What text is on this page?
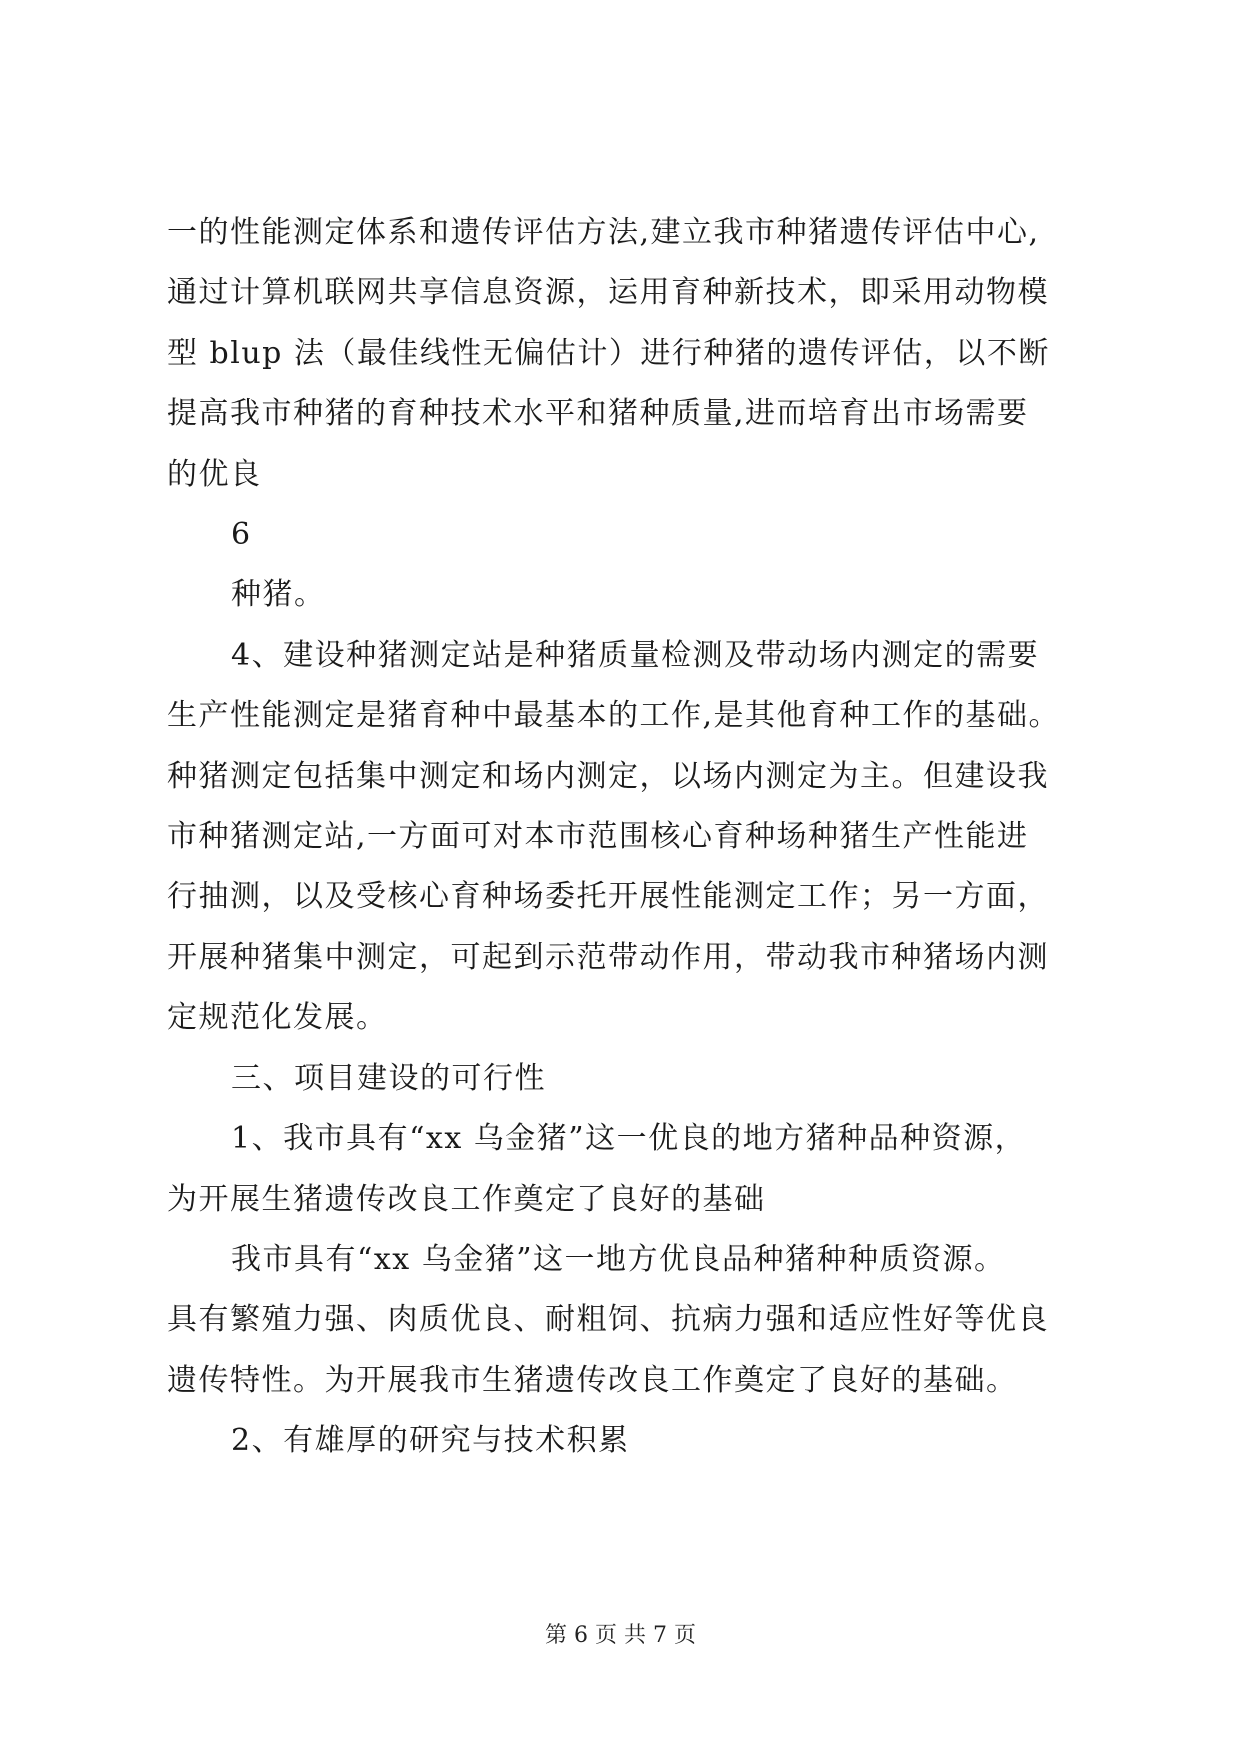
一的性能测定体系和遗传评估方法,建立我市种猪遗传评估中心,
通过计算机联网共享信息资源，运用育种新技术，即采用动物模
型 blup 法（最佳线性无偏估计）进行种猪的遗传评估，以不断
提高我市种猪的育种技术水平和猪种质量,进而培育出市场需要
的优良
6
种猪。
4、建设种猪测定站是种猪质量检测及带动场内测定的需要
生产性能测定是猪育种中最基本的工作,是其他育种工作的基础。
种猪测定包括集中测定和场内测定，以场内测定为主。但建设我
市种猪测定站,一方面可对本市范围核心育种场种猪生产性能进
行抽测，以及受核心育种场委托开展性能测定工作；另一方面，
开展种猪集中测定，可起到示范带动作用，带动我市种猪场内测
定规范化发展。
三、项目建设的可行性
1、我市具有“xx 乌金猪”这一优良的地方猪种品种资源，
为开展生猪遗传改良工作奠定了良好的基础
我市具有“xx 乌金猪”这一地方优良品种猪种种质资源。
具有繁殖力强、肉质优良、耐粗饲、抗病力强和适应性好等优良
遗传特性。为开展我市生猪遗传改良工作奠定了良好的基础。
2、有雄厚的研究与技术积累
第 6 页 共 7 页
